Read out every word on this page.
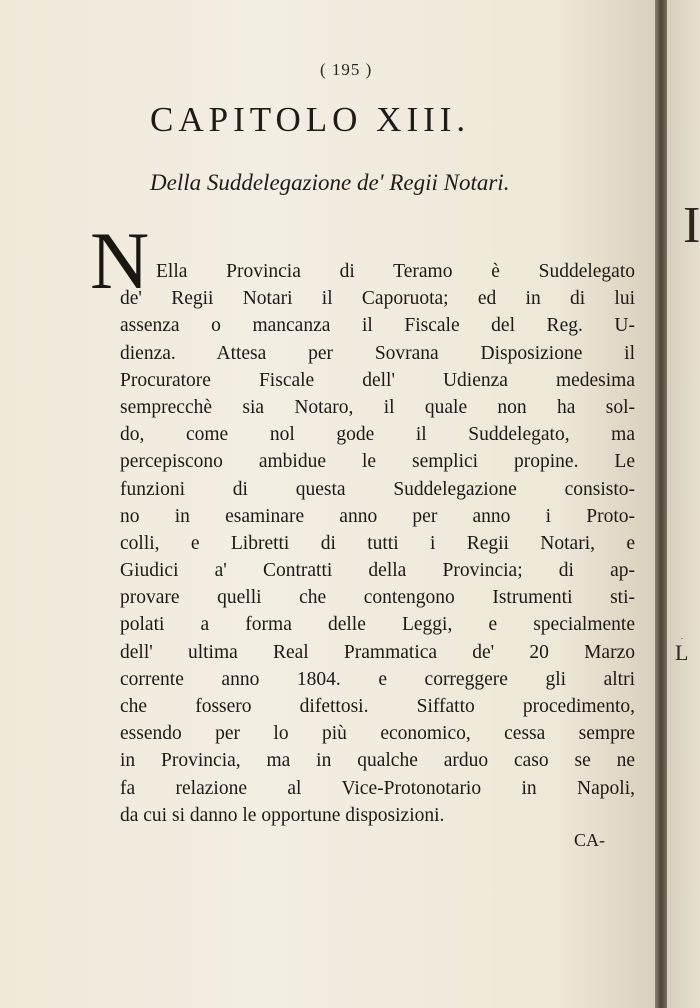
( 195 )
CAPITOLO XIII.
Della Suddelegazione de' Regii Notari.
N Ella Provincia di Teramo è Suddelegato
de' Regii Notari il Caporuota; ed in di lui
assenza o mancanza il Fiscale del Reg. U-
dienza. Attesa per Sovrana Disposizione il
Procuratore Fiscale dell' Udienza medesima
semprecchè sia Notaro, il quale non ha sol-
do, come nol gode il Suddelegato, ma
percepiscono ambidue le semplici propine. Le
funzioni di questa Suddelegazione consisto-
no in esaminare anno per anno i Proto-
colli, e Libretti di tutti i Regii Notari, e
Giudici a' Contratti della Provincia; di ap-
provare quelli che contengono Istrumenti sti-
polati a forma delle Leggi, e specialmente
dell' ultima Real Prammatica de' 20 Marzo
corrente anno 1804. e correggere gli altri
che fossero difettosi. Siffatto procedimento,
essendo per lo più economico, cessa sempre
in Provincia, ma in qualche arduo caso se ne
fa relazione al Vice-Protonotario in Napoli,
da cui si danno le opportune disposizioni.
CA-
I
L
.
